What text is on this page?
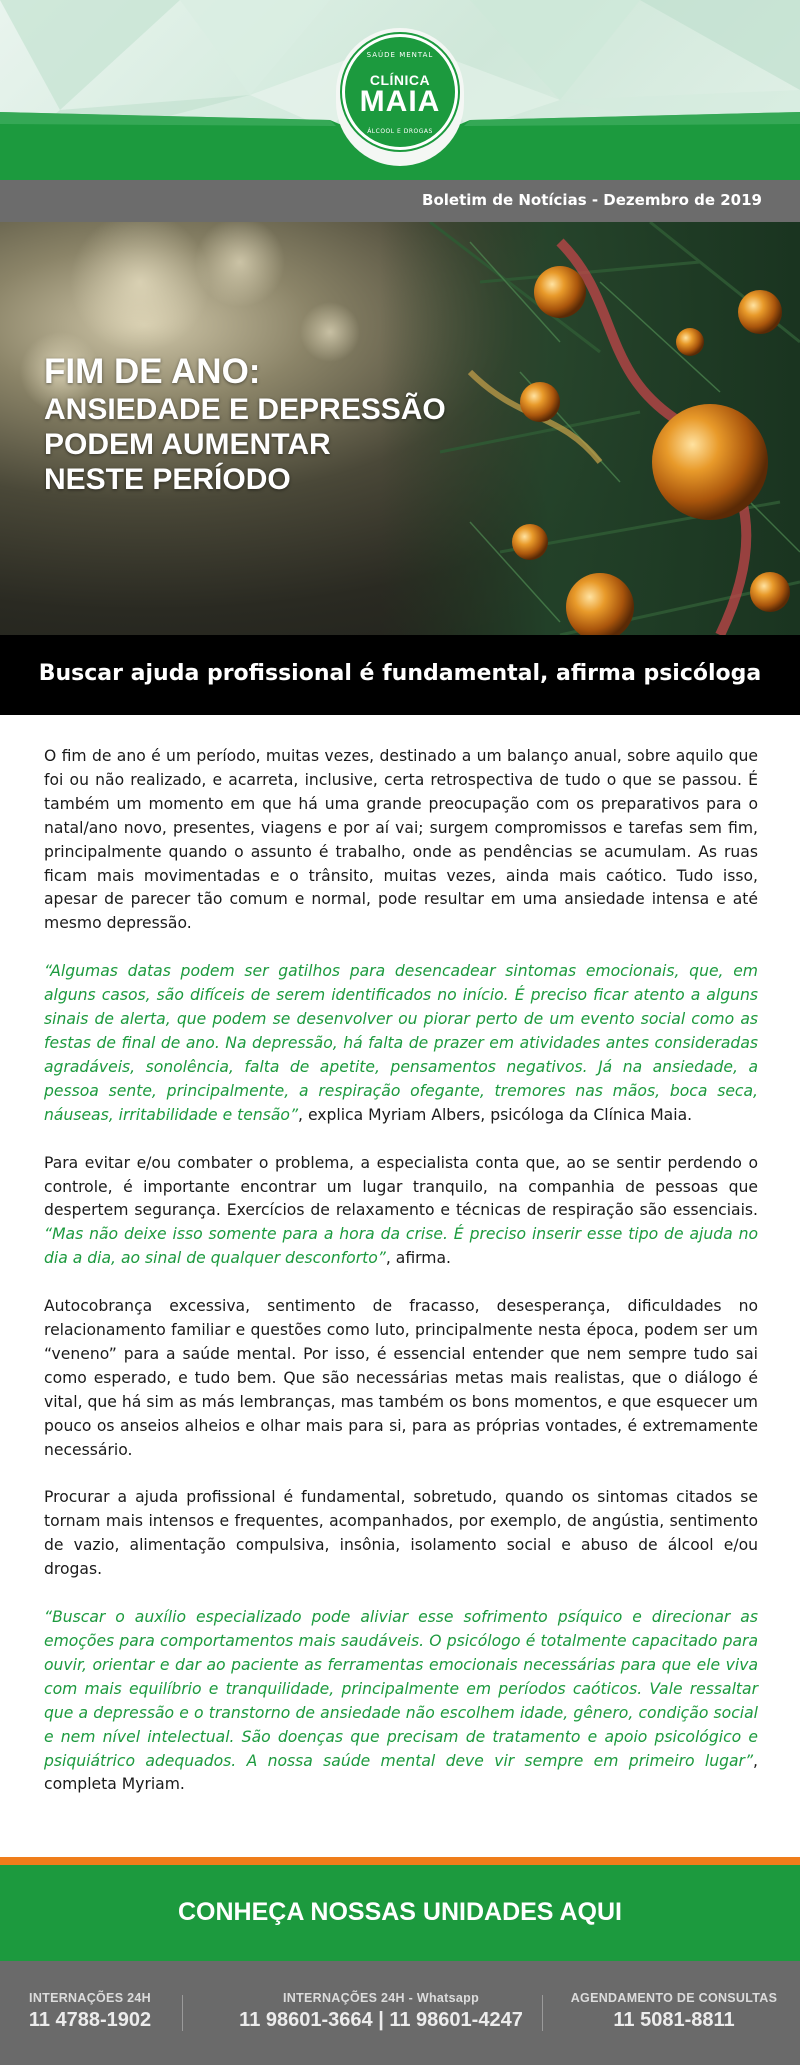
SAÚDE MENTAL
CLÍNICA
MAIA
ÁLCOOL E DROGAS
Boletim de Notícias - Dezembro de 2019
FIM DE ANO:
ANSIEDADE E DEPRESSÃO
PODEM AUMENTAR
NESTE PERÍODO
Buscar ajuda profissional é fundamental, afirma psicóloga

O fim de ano é um período, muitas vezes, destinado a um balanço anual, sobre aquilo que foi ou não realizado, e acarreta, inclusive, certa retrospectiva de tudo o que se passou. É também um momento em que há uma grande preocupação com os preparativos para o natal/ano novo, presentes, viagens e por aí vai; surgem compromissos e tarefas sem fim, principalmente quando o assunto é trabalho, onde as pendências se acumulam. As ruas ficam mais movimentadas e o trânsito, muitas vezes, ainda mais caótico. Tudo isso, apesar de parecer tão comum e normal, pode resultar em uma ansiedade intensa e até mesmo depressão.

“Algumas datas podem ser gatilhos para desencadear sintomas emocionais, que, em alguns casos, são difíceis de serem identificados no início. É preciso ficar atento a alguns sinais de alerta, que podem se desenvolver ou piorar perto de um evento social como as festas de final de ano. Na depressão, há falta de prazer em atividades antes consideradas agradáveis, sonolência, falta de apetite, pensamentos negativos. Já na ansiedade, a pessoa sente, principalmente, a respiração ofegante, tremores nas mãos, boca seca, náuseas, irritabilidade e tensão”, explica Myriam Albers, psicóloga da Clínica Maia.

Para evitar e/ou combater o problema, a especialista conta que, ao se sentir perdendo o controle, é importante encontrar um lugar tranquilo, na companhia de pessoas que despertem segurança. Exercícios de relaxamento e técnicas de respiração são essenciais. “Mas não deixe isso somente para a hora da crise. É preciso inserir esse tipo de ajuda no dia a dia, ao sinal de qualquer desconforto”, afirma.

Autocobrança excessiva, sentimento de fracasso, desesperança, dificuldades no relacionamento familiar e questões como luto, principalmente nesta época, podem ser um “veneno” para a saúde mental. Por isso, é essencial entender que nem sempre tudo sai como esperado, e tudo bem. Que são necessárias metas mais realistas, que o diálogo é vital, que há sim as más lembranças, mas também os bons momentos, e que esquecer um pouco os anseios alheios e olhar mais para si, para as próprias vontades, é extremamente necessário.

Procurar a ajuda profissional é fundamental, sobretudo, quando os sintomas citados se tornam mais intensos e frequentes, acompanhados, por exemplo, de angústia, sentimento de vazio, alimentação compulsiva, insônia, isolamento social e abuso de álcool e/ou drogas.

“Buscar o auxílio especializado pode aliviar esse sofrimento psíquico e direcionar as emoções para comportamentos mais saudáveis. O psicólogo é totalmente capacitado para ouvir, orientar e dar ao paciente as ferramentas emocionais necessárias para que ele viva com mais equilíbrio e tranquilidade, principalmente em períodos caóticos. Vale ressaltar que a depressão e o transtorno de ansiedade não escolhem idade, gênero, condição social e nem nível intelectual. São doenças que precisam de tratamento e apoio psicológico e psiquiátrico adequados. A nossa saúde mental deve vir sempre em primeiro lugar”, completa Myriam.

CONHEÇA NOSSAS UNIDADES AQUI
INTERNAÇÕES 24H
11 4788-1902
INTERNAÇÕES 24H - Whatsapp
11 98601-3664 | 11 98601-4247
AGENDAMENTO DE CONSULTAS
11 5081-8811
